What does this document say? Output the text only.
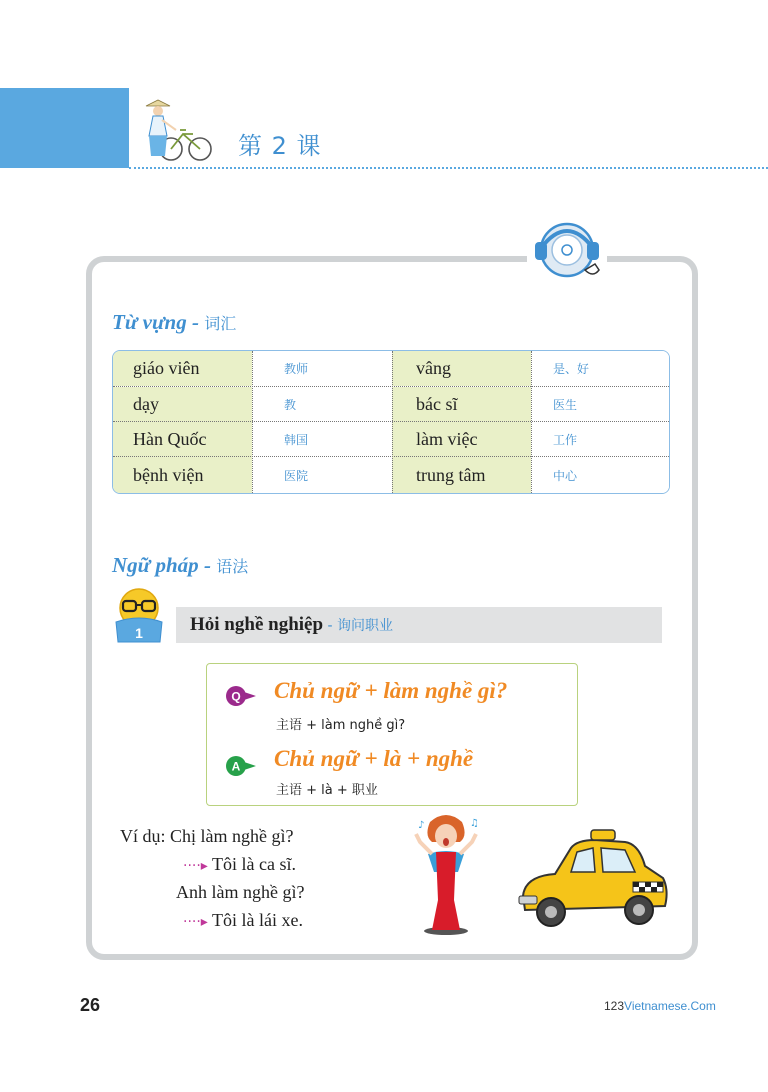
第 2 课
Từ vựng - 词汇
giáo viên	教师	vâng	是、好
dạy	教	bác sĩ	医生
Hàn Quốc	韩国	làm việc	工作
bệnh viện	医院	trung tâm	中心
Ngữ pháp - 语法
1 Hỏi nghề nghiệp - 询问职业
Q Chủ ngữ + làm nghề gì?
主语 + làm nghề gì?
A Chủ ngữ + là + nghề
主语 + là + 职业
Ví dụ: Chị làm nghề gì?
····▸ Tôi là ca sĩ.
Anh làm nghề gì?
····▸ Tôi là lái xe.
♪	♫
26	123Vietnamese.Com
